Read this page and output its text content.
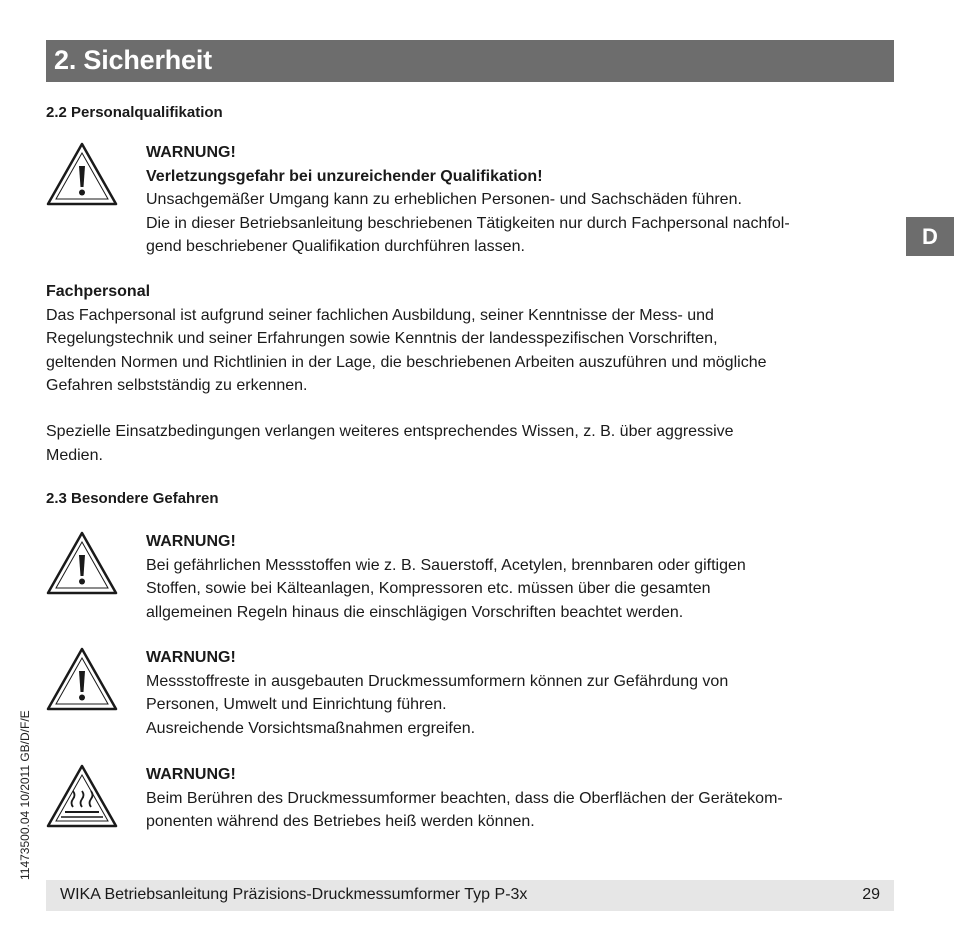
2. Sicherheit
D
11473500.04 10/2011 GB/D/F/E
2.2 Personalqualifikation
WARNUNG!
Verletzungsgefahr bei unzureichender Qualifikation!
Unsachgemäßer Umgang kann zu erheblichen Personen- und Sachschäden führen.
Die in dieser Betriebsanleitung beschriebenen Tätigkeiten nur durch Fachpersonal nachfol-
gend beschriebener Qualifikation durchführen lassen.
Fachpersonal
Das Fachpersonal ist aufgrund seiner fachlichen Ausbildung, seiner Kenntnisse der Mess- und
Regelungstechnik und seiner Erfahrungen sowie Kenntnis der landesspezifischen Vorschriften,
geltenden Normen und Richtlinien in der Lage, die beschriebenen Arbeiten auszuführen und mögliche
Gefahren selbstständig zu erkennen.
Spezielle Einsatzbedingungen verlangen weiteres entsprechendes Wissen, z. B. über aggressive
Medien.
2.3 Besondere Gefahren
WARNUNG!
Bei gefährlichen Messstoffen wie z. B. Sauerstoff, Acetylen, brennbaren oder giftigen
Stoffen, sowie bei Kälteanlagen, Kompressoren etc. müssen über die gesamten
allgemeinen Regeln hinaus die einschlägigen Vorschriften beachtet werden.
WARNUNG!
Messstoffreste in ausgebauten Druckmessumformern können zur Gefährdung von
Personen, Umwelt und Einrichtung führen.
Ausreichende Vorsichtsmaßnahmen ergreifen.
WARNUNG!
Beim Berühren des Druckmessumformer beachten, dass die Oberflächen der Gerätekom-
ponenten während des Betriebes heiß werden können.
WIKA Betriebsanleitung Präzisions-Druckmessumformer Typ P-3x	29
